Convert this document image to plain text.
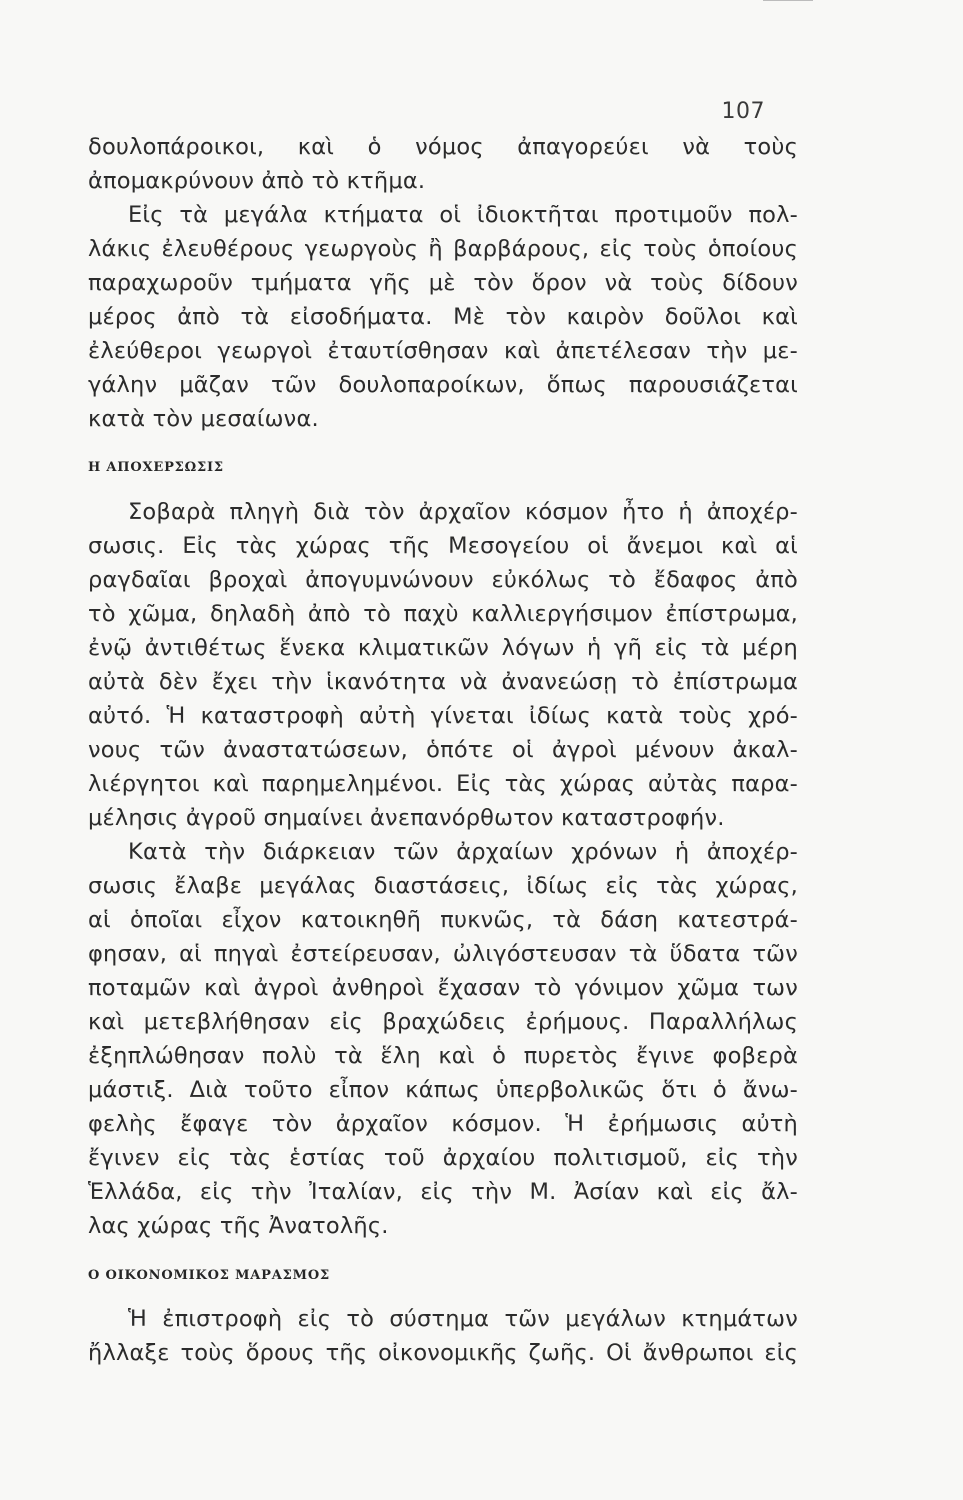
107
δουλοπάροικοι, καὶ ὁ νόμος ἀπαγορεύει νὰ τοὺς
ἀπομακρύνουν ἀπὸ τὸ κτῆμα.
Εἰς τὰ μεγάλα κτήματα οἱ ἰδιοκτῆται προτιμοῦν πολ-
λάκις ἐλευθέρους γεωργοὺς ἢ βαρβάρους, εἰς τοὺς ὁποίους
παραχωροῦν τμήματα γῆς μὲ τὸν ὅρον νὰ τοὺς δίδουν
μέρος ἀπὸ τὰ εἰσοδήματα. Μὲ τὸν καιρὸν δοῦλοι καὶ
ἐλεύθεροι γεωργοὶ ἐταυτίσθησαν καὶ ἀπετέλεσαν τὴν με-
γάλην μᾶζαν τῶν δουλοπαροίκων, ὅπως παρουσιάζεται
κατὰ τὸν μεσαίωνα.
Η ΑΠΟΧΕΡΣΩΣΙΣ
Σοβαρὰ πληγὴ διὰ τὸν ἀρχαῖον κόσμον ἦτο ἡ ἀποχέρ-
σωσις. Εἰς τὰς χώρας τῆς Μεσογείου οἱ ἄνεμοι καὶ αἱ
ραγδαῖαι βροχαὶ ἀπογυμνώνουν εὐκόλως τὸ ἔδαφος ἀπὸ
τὸ χῶμα, δηλαδὴ ἀπὸ τὸ παχὺ καλλιεργήσιμον ἐπίστρωμα,
ἐνῷ ἀντιθέτως ἕνεκα κλιματικῶν λόγων ἡ γῆ εἰς τὰ μέρη
αὐτὰ δὲν ἔχει τὴν ἱκανότητα νὰ ἀνανεώσῃ τὸ ἐπίστρωμα
αὐτό. Ἡ καταστροφὴ αὐτὴ γίνεται ἰδίως κατὰ τοὺς χρό-
νους τῶν ἀναστατώσεων, ὁπότε οἱ ἀγροὶ μένουν ἀκαλ-
λιέργητοι καὶ παρημελημένοι. Εἰς τὰς χώρας αὐτὰς παρα-
μέλησις ἀγροῦ σημαίνει ἀνεπανόρθωτον καταστροφήν.
Κατὰ τὴν διάρκειαν τῶν ἀρχαίων χρόνων ἡ ἀποχέρ-
σωσις ἔλαβε μεγάλας διαστάσεις, ἰδίως εἰς τὰς χώρας,
αἱ ὁποῖαι εἶχον κατοικηθῆ πυκνῶς, τὰ δάση κατεστρά-
φησαν, αἱ πηγαὶ ἐστείρευσαν, ὠλιγόστευσαν τὰ ὕδατα τῶν
ποταμῶν καὶ ἀγροὶ ἀνθηροὶ ἔχασαν τὸ γόνιμον χῶμα των
καὶ μετεβλήθησαν εἰς βραχώδεις ἐρήμους. Παραλλήλως
ἐξηπλώθησαν πολὺ τὰ ἕλη καὶ ὁ πυρετὸς ἔγινε φοβερὰ
μάστιξ. Διὰ τοῦτο εἶπον κάπως ὑπερβολικῶς ὅτι ὁ ἄνω-
φελὴς ἔφαγε τὸν ἀρχαῖον κόσμον. Ἡ ἐρήμωσις αὐτὴ
ἔγινεν εἰς τὰς ἑστίας τοῦ ἀρχαίου πολιτισμοῦ, εἰς τὴν
Ἑλλάδα, εἰς τὴν Ἰταλίαν, εἰς τὴν Μ. Ἀσίαν καὶ εἰς ἄλ-
λας χώρας τῆς Ἀνατολῆς.
Ο ΟΙΚΟΝΟΜΙΚΟΣ ΜΑΡΑΣΜΟΣ
Ἡ ἐπιστροφὴ εἰς τὸ σύστημα τῶν μεγάλων κτημάτων
ἤλλαξε τοὺς ὅρους τῆς οἰκονομικῆς ζωῆς. Οἱ ἄνθρωποι εἰς
